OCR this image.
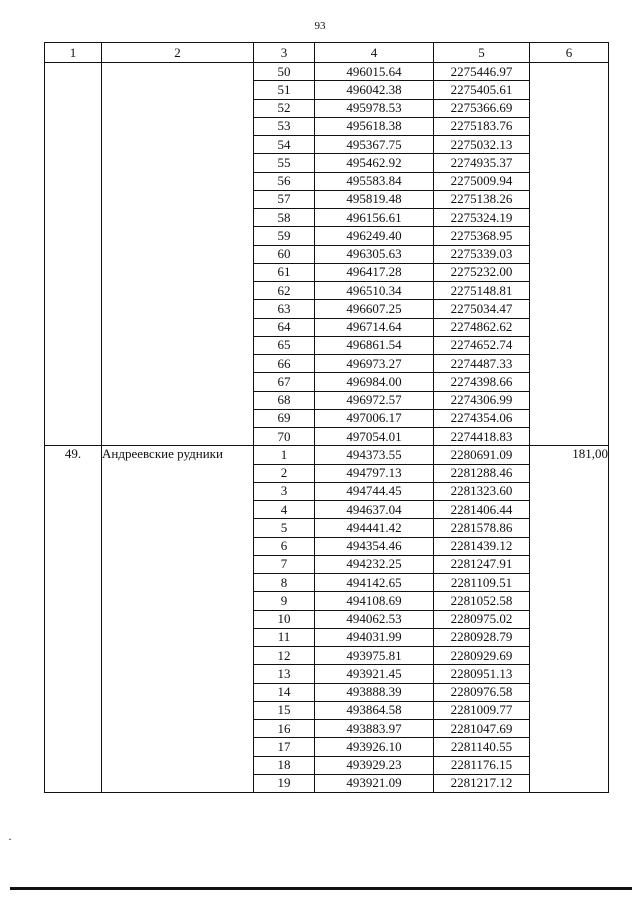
93
1	2	3	4	5	6
		50	496015.64	2275446.97	
		51	496042.38	2275405.61	
		52	495978.53	2275366.69	
		53	495618.38	2275183.76	
		54	495367.75	2275032.13	
		55	495462.92	2274935.37	
		56	495583.84	2275009.94	
		57	495819.48	2275138.26	
		58	496156.61	2275324.19	
		59	496249.40	2275368.95	
		60	496305.63	2275339.03	
		61	496417.28	2275232.00	
		62	496510.34	2275148.81	
		63	496607.25	2275034.47	
		64	496714.64	2274862.62	
		65	496861.54	2274652.74	
		66	496973.27	2274487.33	
		67	496984.00	2274398.66	
		68	496972.57	2274306.99	
		69	497006.17	2274354.06	
		70	497054.01	2274418.83	
49.	Андреевские рудники	1	494373.55	2280691.09	181,00
		2	494797.13	2281288.46	
		3	494744.45	2281323.60	
		4	494637.04	2281406.44	
		5	494441.42	2281578.86	
		6	494354.46	2281439.12	
		7	494232.25	2281247.91	
		8	494142.65	2281109.51	
		9	494108.69	2281052.58	
		10	494062.53	2280975.02	
		11	494031.99	2280928.79	
		12	493975.81	2280929.69	
		13	493921.45	2280951.13	
		14	493888.39	2280976.58	
		15	493864.58	2281009.77	
		16	493883.97	2281047.69	
		17	493926.10	2281140.55	
		18	493929.23	2281176.15	
		19	493921.09	2281217.12	
·
